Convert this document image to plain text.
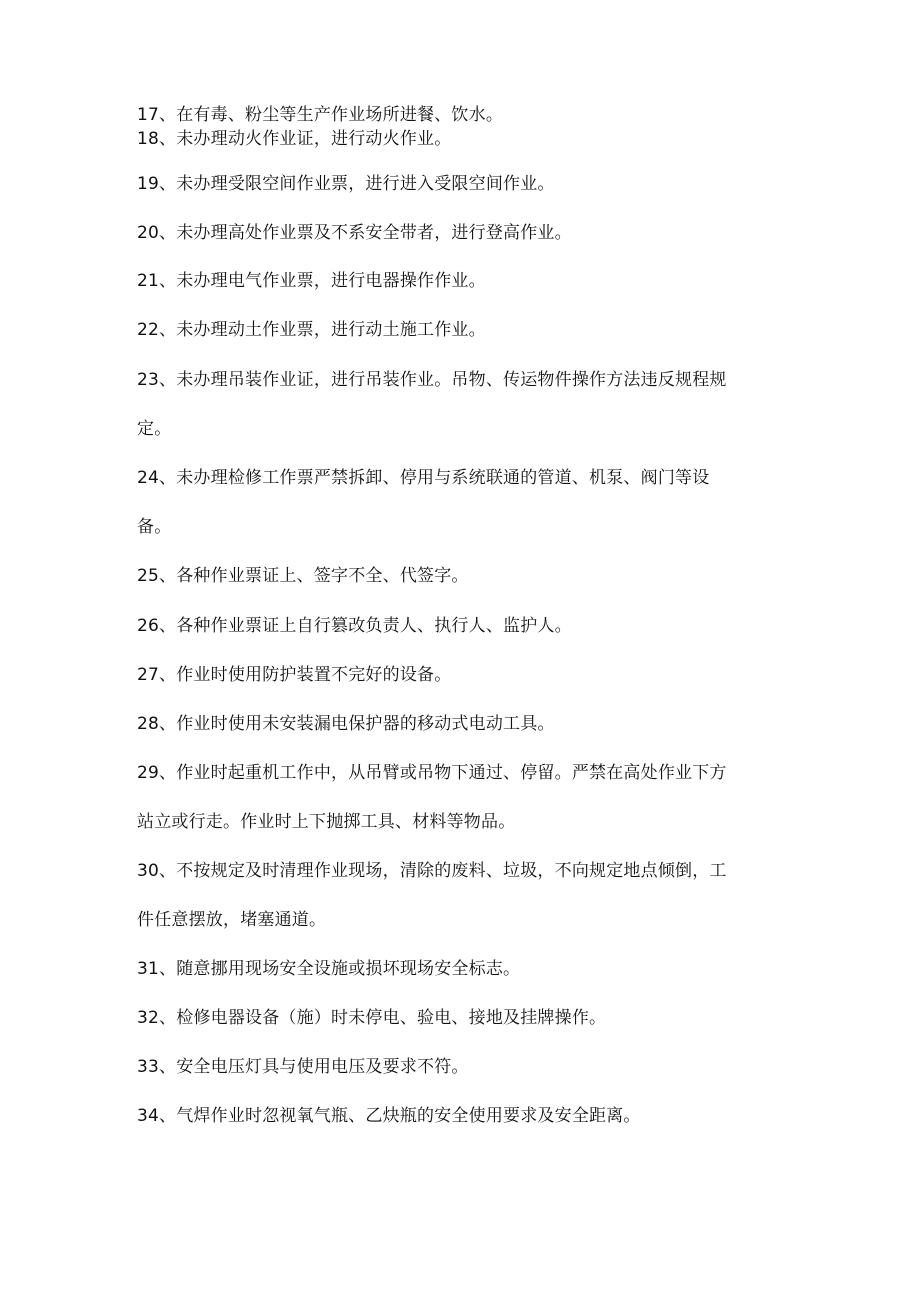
17、在有毒、粉尘等生产作业场所进餐、饮水。
18、未办理动火作业证，进行动火作业。
19、未办理受限空间作业票，进行进入受限空间作业。
20、未办理高处作业票及不系安全带者，进行登高作业。
21、未办理电气作业票，进行电器操作作业。
22、未办理动土作业票，进行动土施工作业。
23、未办理吊装作业证，进行吊装作业。吊物、传运物件操作方法违反规程规
定。
24、未办理检修工作票严禁拆卸、停用与系统联通的管道、机泵、阀门等设
备。
25、各种作业票证上、签字不全、代签字。
26、各种作业票证上自行篡改负责人、执行人、监护人。
27、作业时使用防护装置不完好的设备。
28、作业时使用未安装漏电保护器的移动式电动工具。
29、作业时起重机工作中，从吊臂或吊物下通过、停留。严禁在高处作业下方
站立或行走。作业时上下抛掷工具、材料等物品。
30、不按规定及时清理作业现场，清除的废料、垃圾，不向规定地点倾倒，工
件任意摆放，堵塞通道。
31、随意挪用现场安全设施或损坏现场安全标志。
32、检修电器设备（施）时未停电、验电、接地及挂牌操作。
33、安全电压灯具与使用电压及要求不符。
34、气焊作业时忽视氧气瓶、乙炔瓶的安全使用要求及安全距离。
